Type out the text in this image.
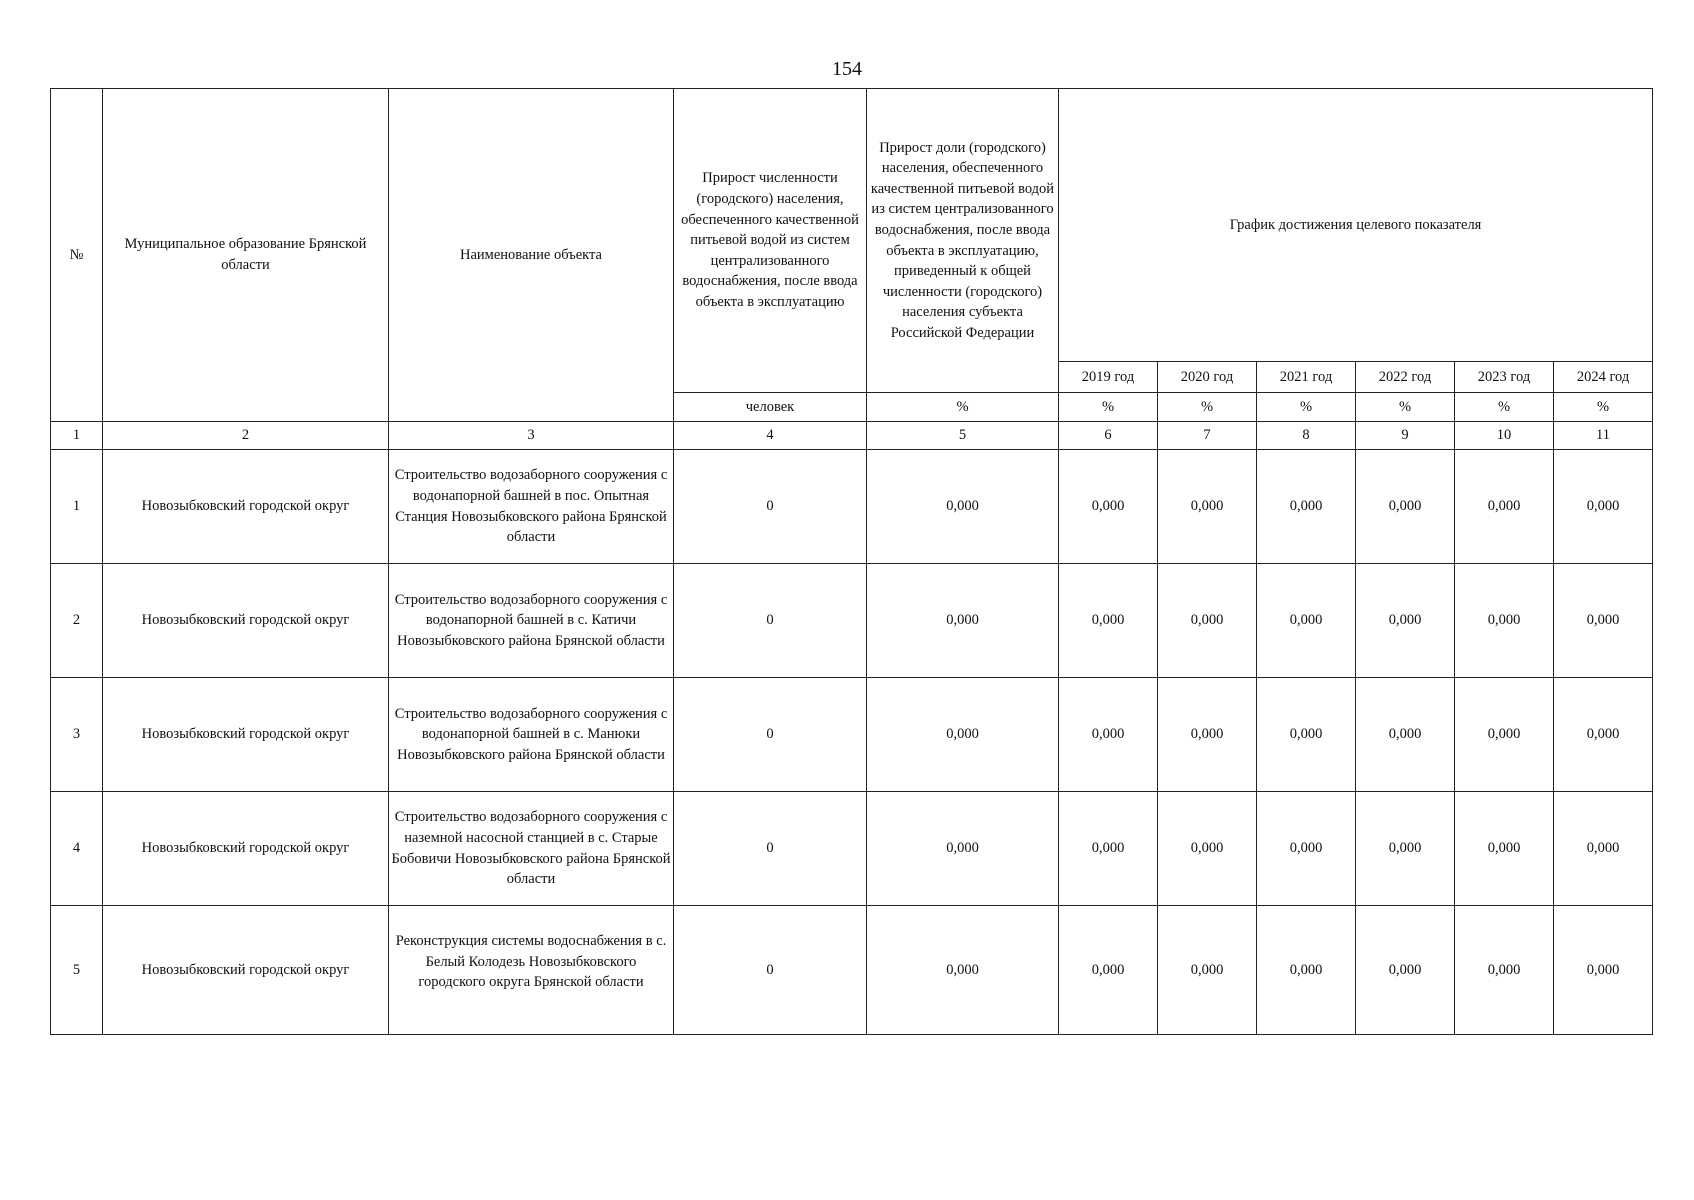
154
№	Муниципальное образование Брянской области	Наименование объекта	Прирост численности (городского) населения, обеспеченного качественной питьевой водой из систем централизованного водоснабжения, после ввода объекта в эксплуатацию	Прирост доли (городского) населения, обеспеченного качественной питьевой водой из систем централизованного водоснабжения, после ввода объекта в эксплуатацию, приведенный к общей численности (городского) населения субъекта Российской Федерации	График достижения целевого показателя					
					2019 год	2020 год	2021 год	2022 год	2023 год	2024 год
			человек	%	%	%	%	%	%	%
1	2	3	4	5	6	7	8	9	10	11
1	Новозыбковский городской округ	Строительство водозаборного сооружения с водонапорной башней в пос. Опытная Станция Новозыбковского района Брянской области	0	0,000	0,000	0,000	0,000	0,000	0,000	0,000
2	Новозыбковский городской округ	Строительство водозаборного сооружения с водонапорной башней в с. Катичи Новозыбковского района Брянской области	0	0,000	0,000	0,000	0,000	0,000	0,000	0,000
3	Новозыбковский городской округ	Строительство водозаборного сооружения с водонапорной башней в с. Манюки Новозыбковского района Брянской области	0	0,000	0,000	0,000	0,000	0,000	0,000	0,000
4	Новозыбковский городской округ	Строительство водозаборного сооружения с наземной насосной станцией в с. Старые Бобовичи Новозыбковского района Брянской области	0	0,000	0,000	0,000	0,000	0,000	0,000	0,000
5	Новозыбковский городской округ	Реконструкция системы водоснабжения в с. Белый Колодезь Новозыбковского городского округа Брянской области	0	0,000	0,000	0,000	0,000	0,000	0,000	0,000
